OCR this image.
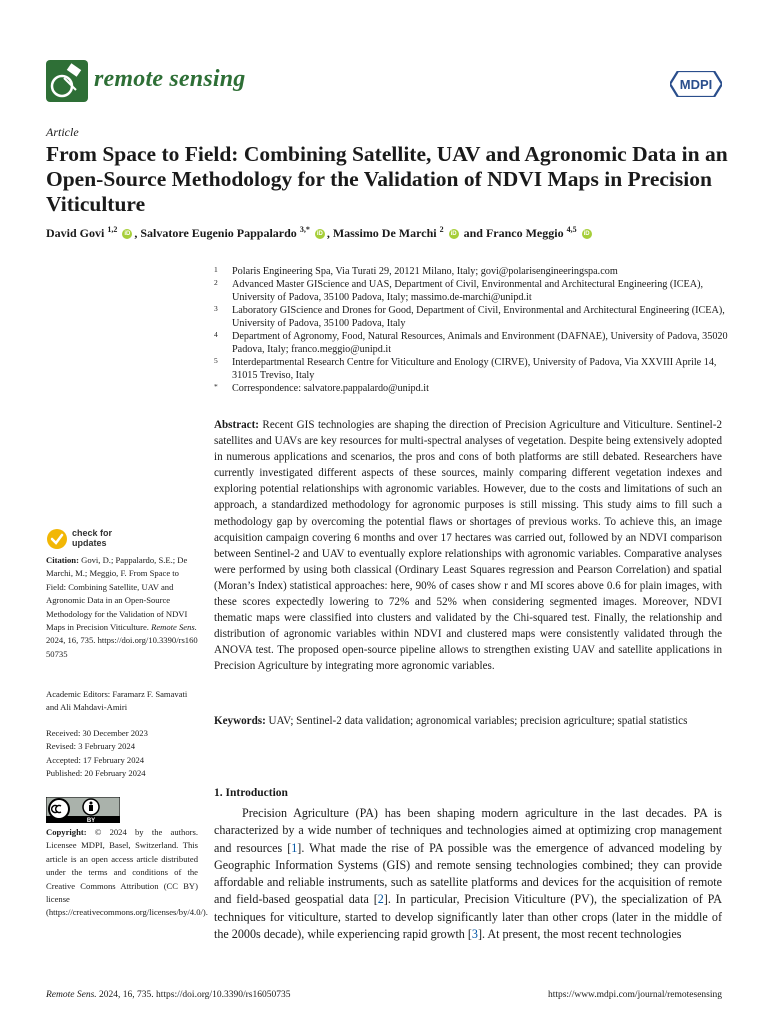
remote sensing	MDPI
Article
From Space to Field: Combining Satellite, UAV and Agronomic Data in an Open-Source Methodology for the Validation of NDVI Maps in Precision Viticulture
David Govi $^{1,2}$ iD , Salvatore Eugenio Pappalardo $^{3,*}$ iD , Massimo De Marchi $^2$ iD and Franco Meggio $^{4,5}$ iD

1 Polaris Engineering Spa, Via Turati 29, 20121 Milano, Italy; govi@polarisengineeringspa.com

2 Advanced Master GIScience and UAS, Department of Civil, Environmental and Architectural Engineering (ICEA), University of Padova, 35100 Padova, Italy; massimo.de-marchi@unipd.it

3 Laboratory GIScience and Drones for Good, Department of Civil, Environmental and Architectural Engineering (ICEA), University of Padova, 35100 Padova, Italy

4 Department of Agronomy, Food, Natural Resources, Animals and Environment (DAFNAE), University of Padova, 35020 Padova, Italy; franco.meggio@unipd.it

5 Interdepartmental Research Centre for Viticulture and Enology (CIRVE), University of Padova, Via XXVIII Aprile 14, 31015 Treviso, Italy

* Correspondence: salvatore.pappalardo@unipd.it

Abstract: Recent GIS technologies are shaping the direction of Precision Agriculture and Viticulture. Sentinel-2 satellites and UAVs are key resources for multi-spectral analyses of vegetation. Despite being extensively adopted in numerous applications and scenarios, the pros and cons of both platforms are still debated. Researchers have currently investigated different aspects of these sources, mainly comparing different vegetation indexes and exploring potential relationships with agronomic variables. However, due to the costs and limitations of such an approach, a standardized methodology for agronomic purposes is still missing. This study aims to fill such a methodology gap by overcoming the potential flaws or shortages of previous works. To achieve this, an image acquisition campaign covering 6 months and over 17 hectares was carried out, followed by an NDVI comparison between Sentinel-2 and UAV to eventually explore relationships with agronomic variables. Comparative analyses were performed by using both classical (Ordinary Least Squares regression and Pearson Correlation) and spatial (Moran’s Index) statistical approaches: here, 90% of cases show r and MI scores above 0.6 for plain images, with these scores expectedly lowering to 72% and 52% when considering segmented images. Moreover, NDVI thematic maps were classified into clusters and validated by the Chi-squared test. Finally, the relationship and distribution of agronomic variables within NDVI and clustered maps were consistently validated through the ANOVA test. The proposed open-source pipeline allows to strengthen existing UAV and satellite applications in Precision Agriculture by integrating more agronomic variables.

Keywords: UAV; Sentinel-2 data validation; agronomical variables; precision agriculture; spatial statistics

1. Introduction

Precision Agriculture (PA) has been shaping modern agriculture in the last decades. PA is characterized by a wide number of techniques and technologies aimed at optimizing crop management and resources [1]. What made the rise of PA possible was the emergence of advanced modeling by Geographic Information Systems (GIS) and remote sensing technologies combined; they can provide affordable and reliable instruments, such as satellite platforms and devices for the acquisition of remote and field-based geospatial data [2]. In particular, Precision Viticulture (PV), the specialization of PA techniques for viticulture, started to develop significantly later than other crops (later in the middle of the 2000s decade), while experiencing rapid growth [3]. At present, the most recent technologies

check for
updates

Citation: Govi, D.; Pappalardo, S.E.; De Marchi, M.; Meggio, F. From Space to Field: Combining Satellite, UAV and Agronomic Data in an Open-Source Methodology for the Validation of NDVI Maps in Precision Viticulture. Remote Sens. 2024, 16, 735. https://doi.org/10.3390/rs16050735

Academic Editors: Faramarz F. Samavati and Ali Mahdavi-Amiri

Received: 30 December 2023
Revised: 3 February 2024
Accepted: 17 February 2024
Published: 20 February 2024
BY

Copyright: © 2024 by the authors. Licensee MDPI, Basel, Switzerland. This article is an open access article distributed under the terms and conditions of the Creative Commons Attribution (CC BY) license (https://creativecommons.org/licenses/by/4.0/).

Remote Sens. 2024, 16, 735. https://doi.org/10.3390/rs16050735	https://www.mdpi.com/journal/remotesensing
